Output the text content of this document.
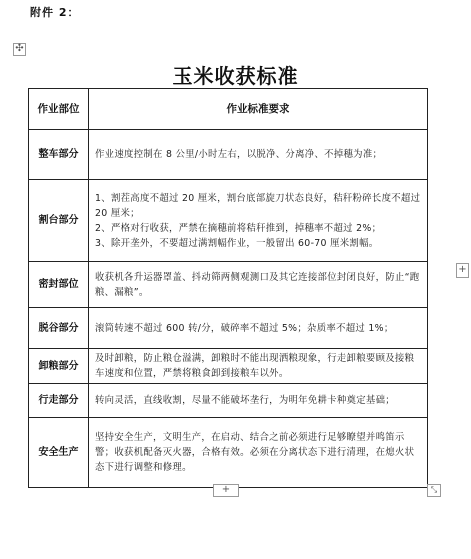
附件 2：
✣
玉米收获标准
作业部位	作业标准要求
整车部分	作业速度控制在 8 公里/小时左右，以脱净、分离净、不掉穗为准；

割台部分	1、割茬高度不超过 20 厘米，割台底部旋刀状态良好，秸秆粉碎长度不超过 20 厘米；
2、严格对行收获，严禁在摘穗前将秸秆推到，掉穗率不超过 2%；
3、除开垄外，不要超过满割幅作业，一般留出 60-70 厘米割幅。

密封部位	收获机各升运器罩盖、抖动筛两侧观测口及其它连接部位封闭良好，防止“跑粮、漏粮”。

脱谷部分	滚筒转速不超过 600 转/分，破碎率不超过 5%；杂质率不超过 1%；

卸粮部分	及时卸粮，防止粮仓溢满，卸粮时不能出现洒粮现象，行走卸粮要顾及接粮车速度和位置，严禁将粮食卸到接粮车以外。

行走部分	转向灵活，直线收割，尽量不能破坏垄行，为明年免耕卡种奠定基础；

安全生产	坚持安全生产，文明生产，在启动、结合之前必须进行足够瞭望并鸣笛示警；收获机配备灭火器，合格有效。必须在分离状态下进行清理，在熄火状态下进行调整和修理。
+
+	⤡
